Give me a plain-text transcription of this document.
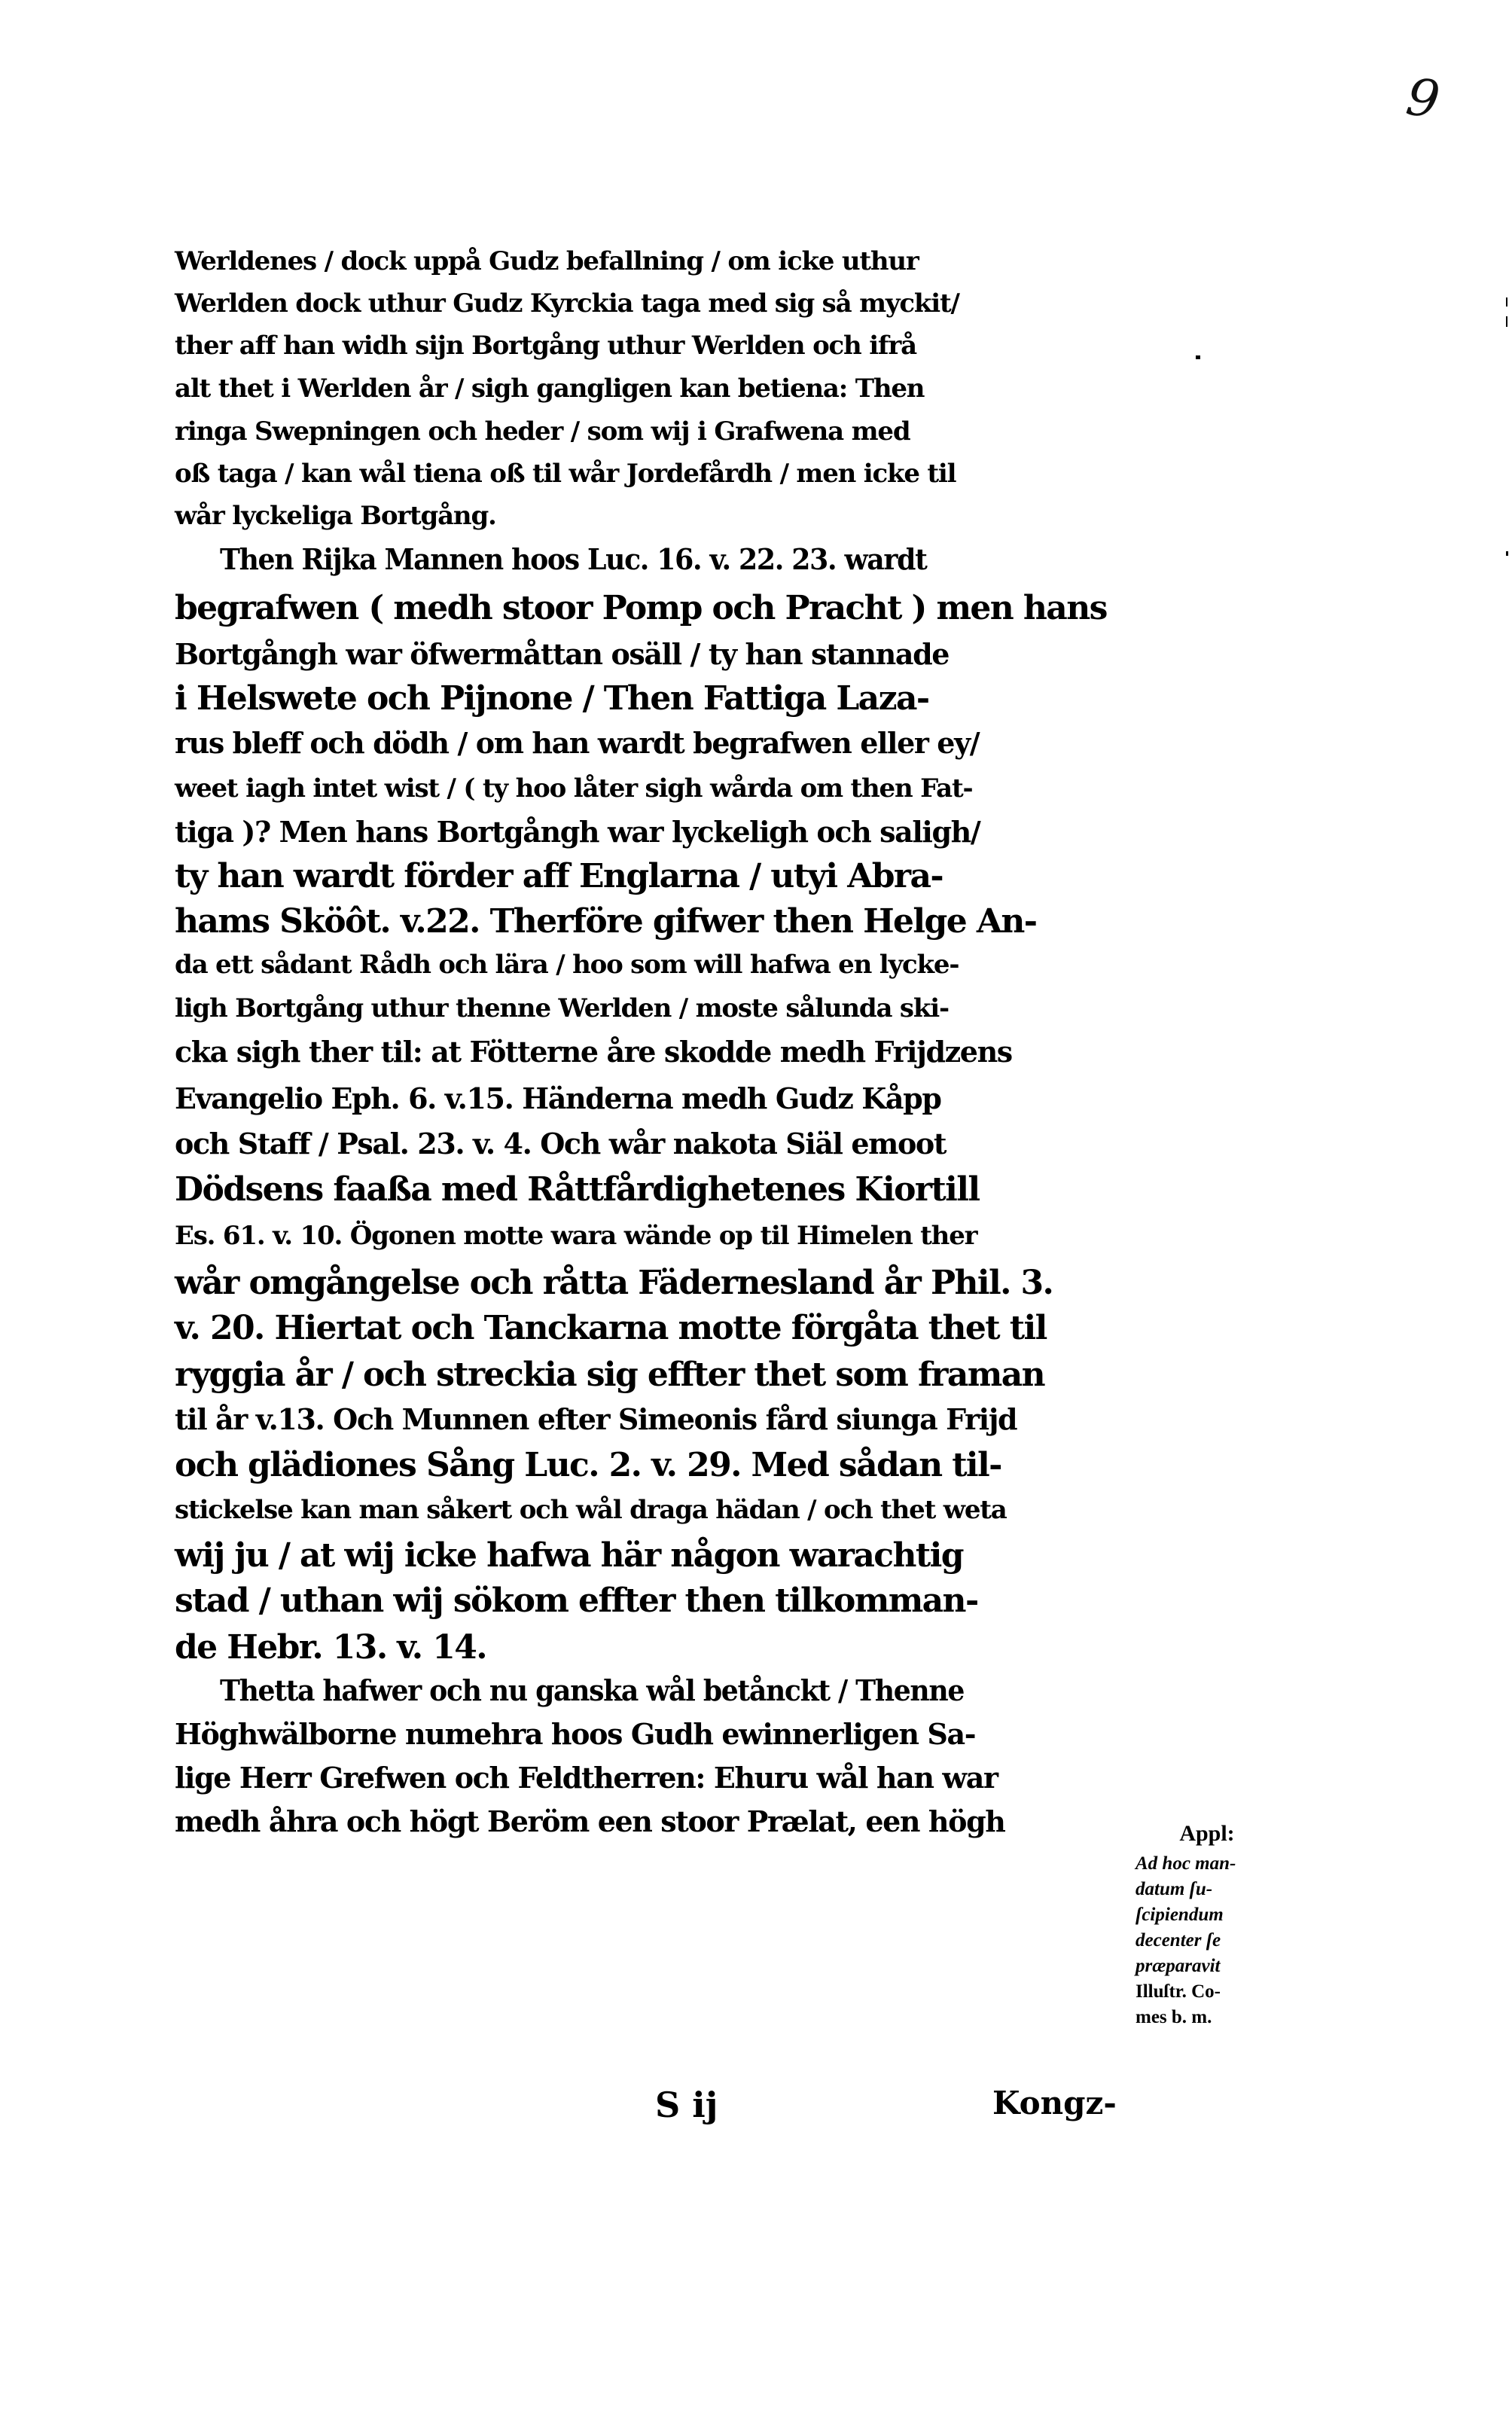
9
Werldenes / dock uppå Gudz befallning / om icke uthur
Werlden dock uthur Gudz Kyrckia taga med sig så myckit/
ther aff han widh sijn Bortgång uthur Werlden och ifrå
alt thet i Werlden år / sigh gangligen kan betiena: Then
ringa Swepningen och heder / som wij i Grafwena med
oß taga / kan wål tiena oß til wår Jordefårdh / men icke til
wår lyckeliga Bortgång.
Then Rijka Mannen hoos Luc. 16. v. 22. 23. wardt
begrafwen ( medh stoor Pomp och Pracht ) men hans
Bortgångh war öfwermåttan osäll / ty han stannade
i Helswete och Pijnone / Then Fattiga Laza-
rus bleff och dödh / om han wardt begrafwen eller ey/
weet iagh intet wist / ( ty hoo låter sigh wårda om then Fat-
tiga )? Men hans Bortgångh war lyckeligh och saligh/
ty han wardt förder aff Englarna / utyi Abra-
hams Sköôt. v.22. Therföre gifwer then Helge An-
da ett sådant Rådh och lära / hoo som will hafwa en lycke-
ligh Bortgång uthur thenne Werlden / moste sålunda ski-
cka sigh ther til: at Fötterne åre skodde medh Frijdzens
Evangelio Eph. 6. v.15. Händerna medh Gudz Kåpp
och Staff / Psal. 23. v. 4. Och wår nakota Siäl emoot
Dödsens faaßa med Råttfårdighetenes Kiortill
Es. 61. v. 10. Ögonen motte wara wände op til Himelen ther
wår omgångelse och råtta Fädernesland år Phil. 3.
v. 20. Hiertat och Tanckarna motte förgåta thet til
ryggia år / och streckia sig effter thet som framan
til år v.13. Och Munnen efter Simeonis fård siunga Frijd
och glädiones Sång Luc. 2. v. 29. Med sådan til-
stickelse kan man såkert och wål draga hädan / och thet weta
wij ju / at wij icke hafwa här någon warachtig
stad / uthan wij sökom effter then tilkomman-
de Hebr. 13. v. 14.
Thetta hafwer och nu ganska wål betånckt / Thenne
Höghwälborne numehra hoos Gudh ewinnerligen Sa-
lige Herr Grefwen och Feldtherren: Ehuru wål han war
medh åhra och högt Beröm een stoor Prælat, een högh
S ij	Kongz-
Appl:
Ad hoc man-
datum ſu-
ſcipiendum
decenter ſe
præparavit
Illuſtr. Co-
mes b. m.
